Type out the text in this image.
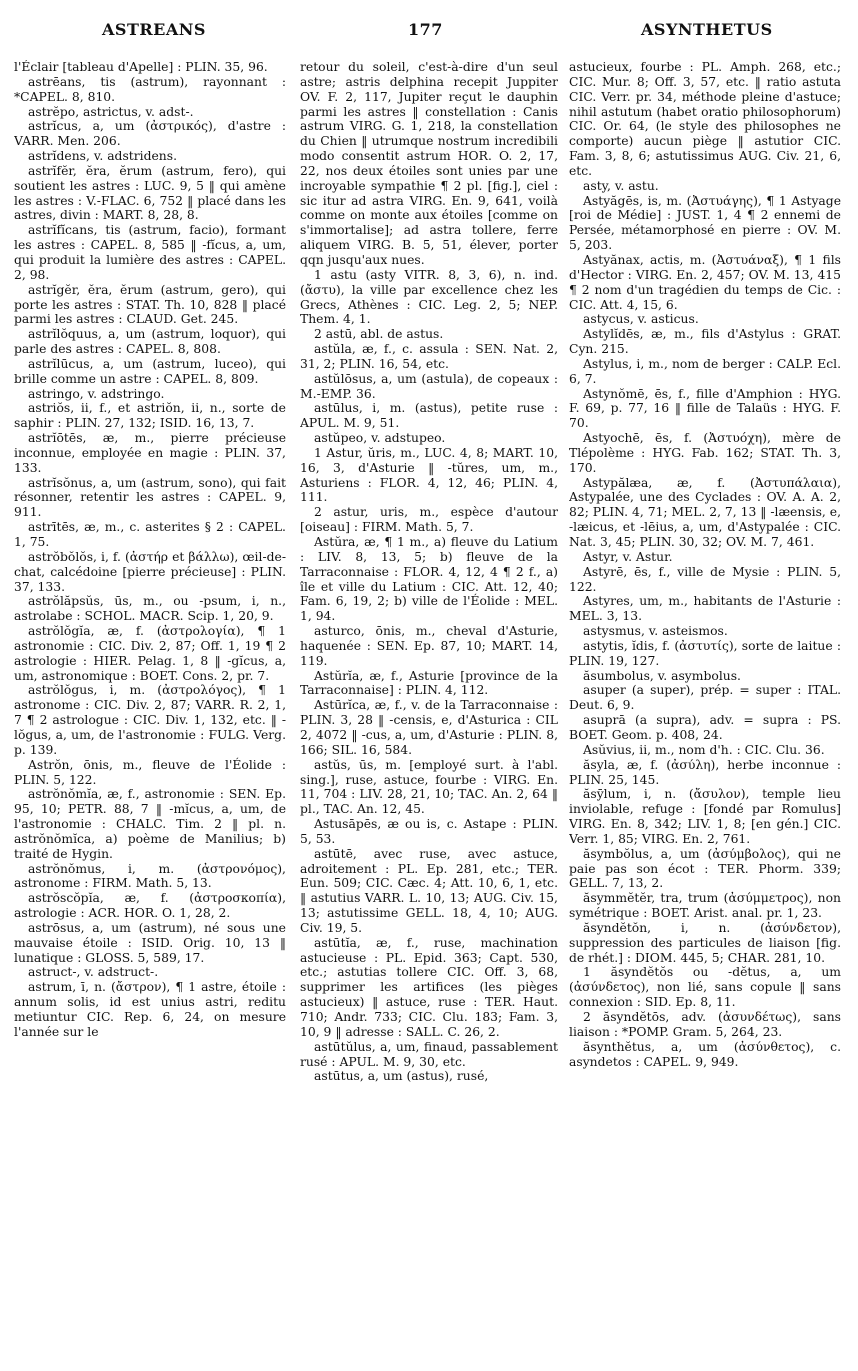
ASTREANS	177	ASYNTHETUS

l'Éclair [tableau d'Apelle] : PLIN. 35, 96.

astrēans, tis (astrum), rayonnant : *CAPEL. 8, 810.

astrĕpo, astrictus, v. adst-.

astrĭcus, a, um (ἀστρικός), d'astre : VARR. Men. 206.

astrĭdens, v. adstridens.

astrĭfĕr, ĕra, ĕrum (astrum, fero), qui soutient les astres : LUC. 9, 5 ‖ qui amène les astres : V.-FLAC. 6, 752 ‖ placé dans les astres, divin : MART. 8, 28, 8.

astrĭfĭcans, tis (astrum, facio), formant les astres : CAPEL. 8, 585 ‖ -fĭcus, a, um, qui produit la lumière des astres : CAPEL. 2, 98.

astrĭgĕr, ĕra, ĕrum (astrum, gero), qui porte les astres : STAT. Th. 10, 828 ‖ placé parmi les astres : CLAUD. Get. 245.

astrĭlŏquus, a, um (astrum, loquor), qui parle des astres : CAPEL. 8, 808.

astrĭlūcus, a, um (astrum, luceo), qui brille comme un astre : CAPEL. 8, 809.

astringo, v. adstringo.

astriŏs, ii, f., et astriŏn, ii, n., sorte de saphir : PLIN. 27, 132; ISID. 16, 13, 7.

astrĭōtēs, æ, m., pierre précieuse inconnue, employée en magie : PLIN. 37, 133.

astrĭsŏnus, a, um (astrum, sono), qui fait résonner, retentir les astres : CAPEL. 9, 911.

astrītēs, æ, m., c. asterites § 2 : CAPEL. 1, 75.

astrŏbŏlŏs, i, f. (ἀστήρ et βάλλω), œil-de-chat, calcédoine [pierre précieuse] : PLIN. 37, 133.

astrŏlăpsŭs, ūs, m., ou -psum, i, n., astrolabe : SCHOL. MACR. Scip. 1, 20, 9.

astrŏlŏgĭa, æ, f. (ἀστρολογία), ¶ 1 astronomie : CIC. Div. 2, 87; Off. 1, 19 ¶ 2 astrologie : HIER. Pelag. 1, 8 ‖ -gĭcus, a, um, astronomique : BOET. Cons. 2, pr. 7.

astrŏlŏgus, i, m. (ἀστρολόγος), ¶ 1 astronome : CIC. Div. 2, 87; VARR. R. 2, 1, 7 ¶ 2 astrologue : CIC. Div. 1, 132, etc. ‖ -lŏgus, a, um, de l'astronomie : FULG. Verg. p. 139.

Astrŏn, ōnis, m., fleuve de l'Éolide : PLIN. 5, 122.

astrŏnŏmĭa, æ, f., astronomie : SEN. Ep. 95, 10; PETR. 88, 7 ‖ -mĭcus, a, um, de l'astronomie : CHALC. Tim. 2 ‖ pl. n. astrŏnŏmĭca, a) poème de Manilius; b) traité de Hygin.

astrŏnŏmus, i, m. (ἀστρονόμος), astronome : FIRM. Math. 5, 13.

astrŏscŏpĭa, æ, f. (ἀστροσκοπία), astrologie : ACR. HOR. O. 1, 28, 2.

astrōsus, a, um (astrum), né sous une mauvaise étoile : ISID. Orig. 10, 13 ‖ lunatique : GLOSS. 5, 589, 17.

astruct-, v. adstruct-.

astrum, ī, n. (ἄστρον), ¶ 1 astre, étoile : annum solis, id est unius astri, reditu metiuntur CIC. Rep. 6, 24, on mesure l'année sur le

retour du soleil, c'est-à-dire d'un seul astre; astris delphina recepit Juppiter OV. F. 2, 117, Jupiter reçut le dauphin parmi les astres ‖ constellation : Canis astrum VIRG. G. 1, 218, la constellation du Chien ‖ utrumque nostrum incredibili modo consentit astrum HOR. O. 2, 17, 22, nos deux étoiles sont unies par une incroyable sympathie ¶ 2 pl. [fig.], ciel : sic itur ad astra VIRG. En. 9, 641, voilà comme on monte aux étoiles [comme on s'immortalise]; ad astra tollere, ferre aliquem VIRG. B. 5, 51, élever, porter qqn jusqu'aux nues.

1 astu (asty VITR. 8, 3, 6), n. ind. (ἄστυ), la ville par excellence chez les Grecs, Athènes : CIC. Leg. 2, 5; NEP. Them. 4, 1.

2 astū, abl. de astus.

astŭla, æ, f., c. assula : SEN. Nat. 2, 31, 2; PLIN. 16, 54, etc.

astŭlōsus, a, um (astula), de copeaux : M.-EMP. 36.

astūlus, i, m. (astus), petite ruse : APUL. M. 9, 51.

astŭpeo, v. adstupeo.

1 Astur, ŭris, m., LUC. 4, 8; MART. 10, 16, 3, d'Asturie ‖ -tŭres, um, m., Asturiens : FLOR. 4, 12, 46; PLIN. 4, 111.

2 astur, uris, m., espèce d'autour [oiseau] : FIRM. Math. 5, 7.

Astŭra, æ, ¶ 1 m., a) fleuve du Latium : LIV. 8, 13, 5; b) fleuve de la Tarraconnaise : FLOR. 4, 12, 4 ¶ 2 f., a) île et ville du Latium : CIC. Att. 12, 40; Fam. 6, 19, 2; b) ville de l'Éolide : MEL. 1, 94.

asturco, ōnis, m., cheval d'Asturie, haquenée : SEN. Ep. 87, 10; MART. 14, 119.

Astŭrĭa, æ, f., Asturie [province de la Tarraconnaise] : PLIN. 4, 112.

Astūrĭca, æ, f., v. de la Tarraconnaise : PLIN. 3, 28 ‖ -censis, e, d'Asturica : CIL 2, 4072 ‖ -cus, a, um, d'Asturie : PLIN. 8, 166; SIL. 16, 584.

astŭs, ūs, m. [employé surt. à l'abl. sing.], ruse, astuce, fourbe : VIRG. En. 11, 704 : LIV. 28, 21, 10; TAC. An. 2, 64 ‖ pl., TAC. An. 12, 45.

Astusāpēs, æ ou is, c. Astape : PLIN. 5, 53.

astūtē, avec ruse, avec astuce, adroitement : PL. Ep. 281, etc.; TER. Eun. 509; CIC. Cæc. 4; Att. 10, 6, 1, etc. ‖ astutius VARR. L. 10, 13; AUG. Civ. 15, 13; astutissime GELL. 18, 4, 10; AUG. Civ. 19, 5.

astūtĭa, æ, f., ruse, machination astucieuse : PL. Epid. 363; Capt. 530, etc.; astutias tollere CIC. Off. 3, 68, supprimer les artifices (les pièges astucieux) ‖ astuce, ruse : TER. Haut. 710; Andr. 733; CIC. Clu. 183; Fam. 3, 10, 9 ‖ adresse : SALL. C. 26, 2.

astūtŭlus, a, um, finaud, passablement rusé : APUL. M. 9, 30, etc.

astūtus, a, um (astus), rusé,

astucieux, fourbe : PL. Amph. 268, etc.; CIC. Mur. 8; Off. 3, 57, etc. ‖ ratio astuta CIC. Verr. pr. 34, méthode pleine d'astuce; nihil astutum (habet oratio philosophorum) CIC. Or. 64, (le style des philosophes ne comporte) aucun piège ‖ astutior CIC. Fam. 3, 8, 6; astutissimus AUG. Civ. 21, 6, etc.

asty, v. astu.

Astyăgēs, is, m. (Ἀστυάγης), ¶ 1 Astyage [roi de Médie] : JUST. 1, 4 ¶ 2 ennemi de Persée, métamorphosé en pierre : OV. M. 5, 203.

Astyănax, actis, m. (Ἀστυάναξ), ¶ 1 fils d'Hector : VIRG. En. 2, 457; OV. M. 13, 415 ¶ 2 nom d'un tragédien du temps de Cic. : CIC. Att. 4, 15, 6.

astycus, v. asticus.

Astylĭdēs, æ, m., fils d'Astylus : GRAT. Cyn. 215.

Astylus, i, m., nom de berger : CALP. Ecl. 6, 7.

Astynŏmē, ēs, f., fille d'Amphion : HYG. F. 69, p. 77, 16 ‖ fille de Talaüs : HYG. F. 70.

Astyochē, ēs, f. (Ἀστυόχη), mère de Tlépolème : HYG. Fab. 162; STAT. Th. 3, 170.

Astypălæa, æ, f. (Ἀστυπάλαια), Astypalée, une des Cyclades : OV. A. A. 2, 82; PLIN. 4, 71; MEL. 2, 7, 13 ‖ -læensis, e, -læicus, et -lēius, a, um, d'Astypalée : CIC. Nat. 3, 45; PLIN. 30, 32; OV. M. 7, 461.

Astyr, v. Astur.

Astyrē, ēs, f., ville de Mysie : PLIN. 5, 122.

Astyres, um, m., habitants de l'Asturie : MEL. 3, 13.

astysmus, v. asteismos.

astytis, ĭdis, f. (ἀστυτίς), sorte de laitue : PLIN. 19, 127.

ăsumbolus, v. asymbolus.

asuper (a super), prép. = super : ITAL. Deut. 6, 9.

asuprā (a supra), adv. = supra : PS. BOET. Geom. p. 408, 24.

Asŭvius, ii, m., nom d'h. : CIC. Clu. 36.

ăsyla, æ, f. (ἀσύλη), herbe inconnue : PLIN. 25, 145.

ăsȳlum, i, n. (ἄσυλον), temple lieu inviolable, refuge : [fondé par Romulus] VIRG. En. 8, 342; LIV. 1, 8; [en gén.] CIC. Verr. 1, 85; VIRG. En. 2, 761.

ăsymbŏlus, a, um (ἀσύμβολος), qui ne paie pas son écot : TER. Phorm. 339; GELL. 7, 13, 2.

ăsymmĕtĕr, tra, trum (ἀσύμμετρος), non symétrique : BOET. Arist. anal. pr. 1, 23.

ăsyndĕtŏn, i, n. (ἀσύνδετον), suppression des particules de liaison [fig. de rhét.] : DIOM. 445, 5; CHAR. 281, 10.

1 ăsyndĕtŏs ou -dĕtus, a, um (ἀσύνδετος), non lié, sans copule ‖ sans connexion : SID. Ep. 8, 11.

2 ăsyndĕtōs, adv. (ἀσυνδέτως), sans liaison : *POMP. Gram. 5, 264, 23.

ăsynthĕtus, a, um (ἀσύνθετος), c. asyndetos : CAPEL. 9, 949.
